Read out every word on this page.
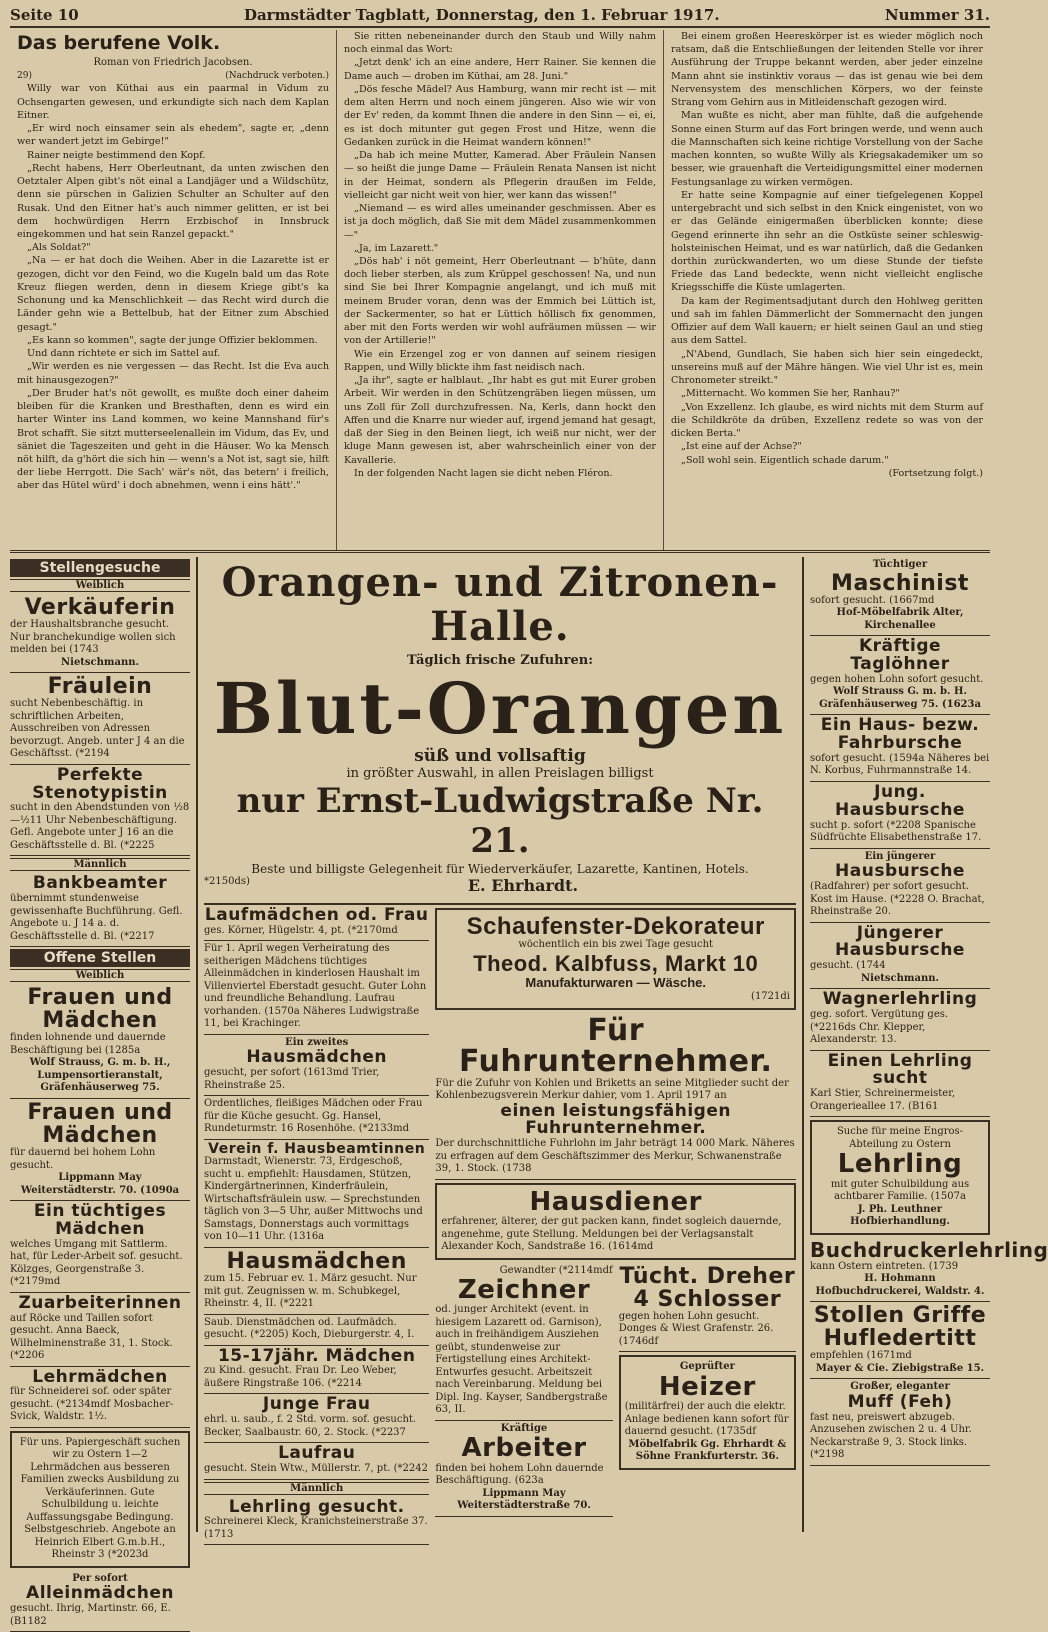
Seite 10	Darmstädter Tagblatt, Donnerstag, den 1. Februar 1917.	Nummer 31.

Das berufene Volk.

Roman von Friedrich Jacobsen.

29)	(Nachdruck verboten.)

Willy war von Küthai aus ein paarmal in Vidum zu Ochsengarten gewesen, und erkundigte sich nach dem Kaplan Eitner.

„Er wird noch einsamer sein als ehedem", sagte er, „denn wer wandert jetzt im Gebirge!"

Rainer neigte bestimmend den Kopf.

„Recht habens, Herr Oberleutnant, da unten zwischen den Oetztaler Alpen gibt's nöt einal a Landjäger und a Wildschütz, denn sie pürschen in Galizien Schulter an Schulter auf den Rusak. Und den Eitner hat's auch nimmer gelitten, er ist bei dem hochwürdigen Herrn Erzbischof in Innsbruck eingekommen und hat sein Ranzel gepackt."

„Als Soldat?"

„Na — er hat doch die Weihen. Aber in die Lazarette ist er gezogen, dicht vor den Feind, wo die Kugeln bald um das Rote Kreuz fliegen werden, denn in diesem Kriege gibt's ka Schonung und ka Menschlichkeit — das Recht wird durch die Länder gehn wie a Bettelbub, hat der Eitner zum Abschied gesagt."

„Es kann so kommen", sagte der junge Offizier beklommen.

Und dann richtete er sich im Sattel auf.

„Wir werden es nie vergessen — das Recht. Ist die Eva auch mit hinausgezogen?"

„Der Bruder hat's nöt gewollt, es mußte doch einer daheim bleiben für die Kranken und Bresthaften, denn es wird ein harter Winter ins Land kommen, wo keine Mannshand für's Brot schafft. Sie sitzt mutterseelenallein im Vidum, das Ev, und säniet die Tageszeiten und geht in die Häuser. Wo ka Mensch nöt hilft, da g'hört die sich hin — wenn's a Not ist, sagt sie, hilft der liebe Herrgott. Die Sach' wär's nöt, das betern' i freilich, aber das Hütel würd' i doch abnehmen, wenn i eins hätt'."

Sie ritten nebeneinander durch den Staub und Willy nahm noch einmal das Wort:

„Jetzt denk' ich an eine andere, Herr Rainer. Sie kennen die Dame auch — droben im Küthai, am 28. Juni."

„Dös fesche Mädel? Aus Hamburg, wann mir recht ist — mit dem alten Herrn und noch einem jüngeren. Also wie wir von der Ev' reden, da kommt Ihnen die andere in den Sinn — ei, ei, es ist doch mitunter gut gegen Frost und Hitze, wenn die Gedanken zurück in die Heimat wandern können!"

„Da hab ich meine Mutter, Kamerad. Aber Fräulein Nansen — so heißt die junge Dame — Fräulein Renata Nansen ist nicht in der Heimat, sondern als Pflegerin draußen im Felde, vielleicht gar nicht weit von hier, wer kann das wissen!"

„Niemand — es wird alles umeinander geschmissen. Aber es ist ja doch möglich, daß Sie mit dem Mädel zusammenkommen —"

„Ja, im Lazarett."

„Dös hab' i nöt gemeint, Herr Oberleutnant — b'hüte, dann doch lieber sterben, als zum Krüppel geschossen! Na, und nun sind Sie bei Ihrer Kompagnie angelangt, und ich muß mit meinem Bruder voran, denn was der Emmich bei Lüttich ist, der Sackermenter, so hat er Lüttich höllisch fix genommen, aber mit den Forts werden wir wohl aufräumen müssen — wir von der Artillerie!"

Wie ein Erzengel zog er von dannen auf seinem riesigen Rappen, und Willy blickte ihm fast neidisch nach.

„Ja ihr", sagte er halblaut. „Ihr habt es gut mit Eurer groben Arbeit. Wir werden in den Schützengräben liegen müssen, um uns Zoll für Zoll durchzufressen. Na, Kerls, dann hockt den Affen und die Knarre nur wieder auf, irgend jemand hat gesagt, daß der Sieg in den Beinen liegt, ich weiß nur nicht, wer der kluge Mann gewesen ist, aber wahrscheinlich einer von der Kavallerie.

In der folgenden Nacht lagen sie dicht neben Fléron.

Bei einem großen Heereskörper ist es wieder möglich noch ratsam, daß die Entschließungen der leitenden Stelle vor ihrer Ausführung der Truppe bekannt werden, aber jeder einzelne Mann ahnt sie instinktiv voraus — das ist genau wie bei dem Nervensystem des menschlichen Körpers, wo der feinste Strang vom Gehirn aus in Mitleidenschaft gezogen wird.

Man wußte es nicht, aber man fühlte, daß die aufgehende Sonne einen Sturm auf das Fort bringen werde, und wenn auch die Mannschaften sich keine richtige Vorstellung von der Sache machen konnten, so wußte Willy als Kriegsakademiker um so besser, wie grauenhaft die Verteidigungsmittel einer modernen Festungsanlage zu wirken vermögen.

Er hatte seine Kompagnie auf einer tiefgelegenen Koppel untergebracht und sich selbst in den Knick eingenistet, von wo er das Gelände einigermaßen überblicken konnte; diese Gegend erinnerte ihn sehr an die Ostküste seiner schleswig-holsteinischen Heimat, und es war natürlich, daß die Gedanken dorthin zurückwanderten, wo um diese Stunde der tiefste Friede das Land bedeckte, wenn nicht vielleicht englische Kriegsschiffe die Küste umlagerten.

Da kam der Regimentsadjutant durch den Hohlweg geritten und sah im fahlen Dämmerlicht der Sommernacht den jungen Offizier auf dem Wall kauern; er hielt seinen Gaul an und stieg aus dem Sattel.

„N'Abend, Gundlach, Sie haben sich hier sein eingedeckt, unsereins muß auf der Mähre hängen. Wie viel Uhr ist es, mein Chronometer streikt."

„Mitternacht. Wo kommen Sie her, Ranhau?"

„Von Exzellenz. Ich glaube, es wird nichts mit dem Sturm auf die Schildkröte da drüben, Exzellenz redete so was von der dicken Berta."

„Ist eine auf der Achse?"

„Soll wohl sein. Eigentlich schade darum."

(Fortsetzung folgt.)

Stellengesuche
Weiblich
Verkäuferin
der Haushaltsbranche gesucht. Nur branchekundige wollen sich melden bei (1743
Nietschmann.
Fräulein
sucht Nebenbeschäftig. in schriftlichen Arbeiten, Ausschreiben von Adressen bevorzugt. Angeb. unter J 4 an die Geschäftsst. (*2194
Perfekte Stenotypistin
sucht in den Abendstunden von ½8—½11 Uhr Nebenbeschäftigung. Gefl. Angebote unter J 16 an die Geschäftsstelle d. Bl. (*2225
Männlich
Bankbeamter
übernimmt stundenweise gewissenhafte Buchführung. Gefl. Angebote u. J 14 a. d. Geschäftsstelle d. Bl. (*2217
Offene Stellen
Weiblich
Frauen und Mädchen
finden lohnende und dauernde Beschäftigung bei (1285a
Wolf Strauss, G. m. b. H., Lumpensortieranstalt, Gräfenhäuserweg 75.
Frauen und Mädchen
für dauernd bei hohem Lohn gesucht.
Lippmann May Weiterstädterstr. 70. (1090a
Ein tüchtiges Mädchen
welches Umgang mit Sattlerm. hat, für Leder-Arbeit sof. gesucht. Kölzges, Georgenstraße 3. (*2179md
Zuarbeiterinnen
auf Röcke und Taillen sofort gesucht. Anna Baeck, Wilhelminenstraße 31, 1. Stock. (*2206
Lehrmädchen
für Schneiderei sof. oder später gesucht. (*2134mdf Mosbacher-Svick, Waldstr. 1½.
Für uns. Papiergeschäft suchen wir zu Ostern 1—2 Lehrmädchen aus besseren Familien zwecks Ausbildung zu Verkäuferinnen. Gute Schulbildung u. leichte Auffassungsgabe Bedingung. Selbstgeschrieb. Angebote an Heinrich Elbert G.m.b.H., Rheinstr 3 (*2023d
Per sofort
Alleinmädchen
gesucht. Ihrig, Martinstr. 66, E. (B1182
Orangen- und Zitronen-Halle.
Täglich frische Zufuhren:
Blut-Orangen
süß und vollsaftig
in größter Auswahl, in allen Preislagen billigst
nur Ernst-Ludwigstraße Nr. 21.
Beste und billigste Gelegenheit für Wiederverkäufer, Lazarette, Kantinen, Hotels.
*2150ds)	E. Ehrhardt.
Laufmädchen od. Frau
ges. Körner, Hügelstr. 4, pt. (*2170md
Für 1. April wegen Verheiratung des seitherigen Mädchens tüchtiges Alleinmädchen in kinderlosen Haushalt im Villenviertel Eberstadt gesucht. Guter Lohn und freundliche Behandlung. Laufrau vorhanden. (1570a Näheres Ludwigstraße 11, bei Krachinger.
Ein zweites
Hausmädchen
gesucht, per sofort (1613md Trier, Rheinstraße 25.
Ordentliches, fleißiges Mädchen oder Frau für die Küche gesucht. Gg. Hansel, Rundeturmstr. 16 Rosenhöhe. (*2133md
Verein f. Hausbeamtinnen
Darmstadt, Wienerstr. 73, Erdgeschoß, sucht u. empfiehlt: Hausdamen, Stützen, Kindergärtnerinnen, Kinderfräulein, Wirtschaftsfräulein usw. — Sprechstunden täglich von 3—5 Uhr, außer Mittwochs und Samstags, Donnerstags auch vormittags von 10—11 Uhr. (1316a
Hausmädchen
zum 15. Februar ev. 1. März gesucht. Nur mit gut. Zeugnissen w. m. Schubkegel, Rheinstr. 4, II. (*2221
Saub. Dienstmädchen od. Laufmädch. gesucht. (*2205) Koch, Dieburgerstr. 4, I.
15-17jähr. Mädchen
zu Kind. gesucht. Frau Dr. Leo Weber, äußere Ringstraße 106. (*2214
Junge Frau
ehrl. u. saub., f. 2 Std. vorm. sof. gesucht. Becker, Saalbaustr. 60, 2. Stock. (*2237
Laufrau
gesucht. Stein Wtw., Müllerstr. 7, pt. (*2242
Männlich
Lehrling gesucht.
Schreinerei Kleck, Kranichsteinerstraße 37. (1713
Schaufenster-Dekorateur
wöchentlich ein bis zwei Tage gesucht
Theod. Kalbfuss, Markt 10
Manufakturwaren — Wäsche.
(1721di
Für Fuhrunternehmer.
Für die Zufuhr von Kohlen und Briketts an seine Mitglieder sucht der Kohlenbezugsverein Merkur dahier, vom 1. April 1917 an
einen leistungsfähigen Fuhrunternehmer.
Der durchschnittliche Fuhrlohn im Jahr beträgt 14 000 Mark. Näheres zu erfragen auf dem Geschäftszimmer des Merkur, Schwanenstraße 39, 1. Stock. (1738
Hausdiener
erfahrener, älterer, der gut packen kann, findet sogleich dauernde, angenehme, gute Stellung. Meldungen bei der Verlagsanstalt Alexander Koch, Sandstraße 16. (1614md
Gewandter (*2114mdf
Zeichner
od. junger Architekt (event. in hiesigem Lazarett od. Garnison), auch in freihändigem Ausziehen geübt, stundenweise zur Fertigstellung eines Architekt-Entwurfes gesucht. Arbeitszeit nach Vereinbarung. Meldung bei Dipl. Ing. Kayser, Sandbergstraße 63, II.
Kräftige
Arbeiter
finden bei hohem Lohn dauernde Beschäftigung. (623a
Lippmann May Weiterstädterstraße 70.
Tücht. Dreher 4 Schlosser
gegen hohen Lohn gesucht. Donges & Wiest Grafenstr. 26. (1746df
Geprüfter
Heizer
(militärfrei) der auch die elektr. Anlage bedienen kann sofort für dauernd gesucht. (1735df
Möbelfabrik Gg. Ehrhardt & Söhne Frankfurterstr. 36.
Tüchtiger
Maschinist
sofort gesucht. (1667md
Hof-Möbelfabrik Alter, Kirchenallee
Kräftige Taglöhner
gegen hohen Lohn sofort gesucht.
Wolf Strauss G. m. b. H. Gräfenhäuserweg 75. (1623a
Ein Haus- bezw. Fahrbursche
sofort gesucht. (1594a Näheres bei N. Korbus, Fuhrmannstraße 14.
Jung. Hausbursche
sucht p. sofort (*2208 Spanische Südfrüchte Elisabethenstraße 17.
Ein jüngerer
Hausbursche
(Radfahrer) per sofort gesucht. Kost im Hause. (*2228 O. Brachat, Rheinstraße 20.
Jüngerer Hausbursche
gesucht. (1744
Nietschmann.
Wagnerlehrling
geg. sofort. Vergütung ges. (*2216ds Chr. Klepper, Alexanderstr. 13.
Einen Lehrling sucht
Karl Stier, Schreinermeister, Orangerieallee 17. (B161
Suche für meine Engros-Abteilung zu Ostern
Lehrling
mit guter Schulbildung aus achtbarer Familie. (1507a
J. Ph. Leuthner Hofbierhandlung.
Buchdruckerlehrling
kann Ostern eintreten. (1739
H. Hohmann Hofbuchdruckerei, Waldstr. 4.
Stollen Griffe Hufledertitt
empfehlen (1671md
Mayer & Cie. Ziebigstraße 15.
Großer, eleganter
Muff (Feh)
fast neu, preiswert abzugeb. Anzusehen zwischen 2 u. 4 Uhr. Neckarstraße 9, 3. Stock links. (*2198
